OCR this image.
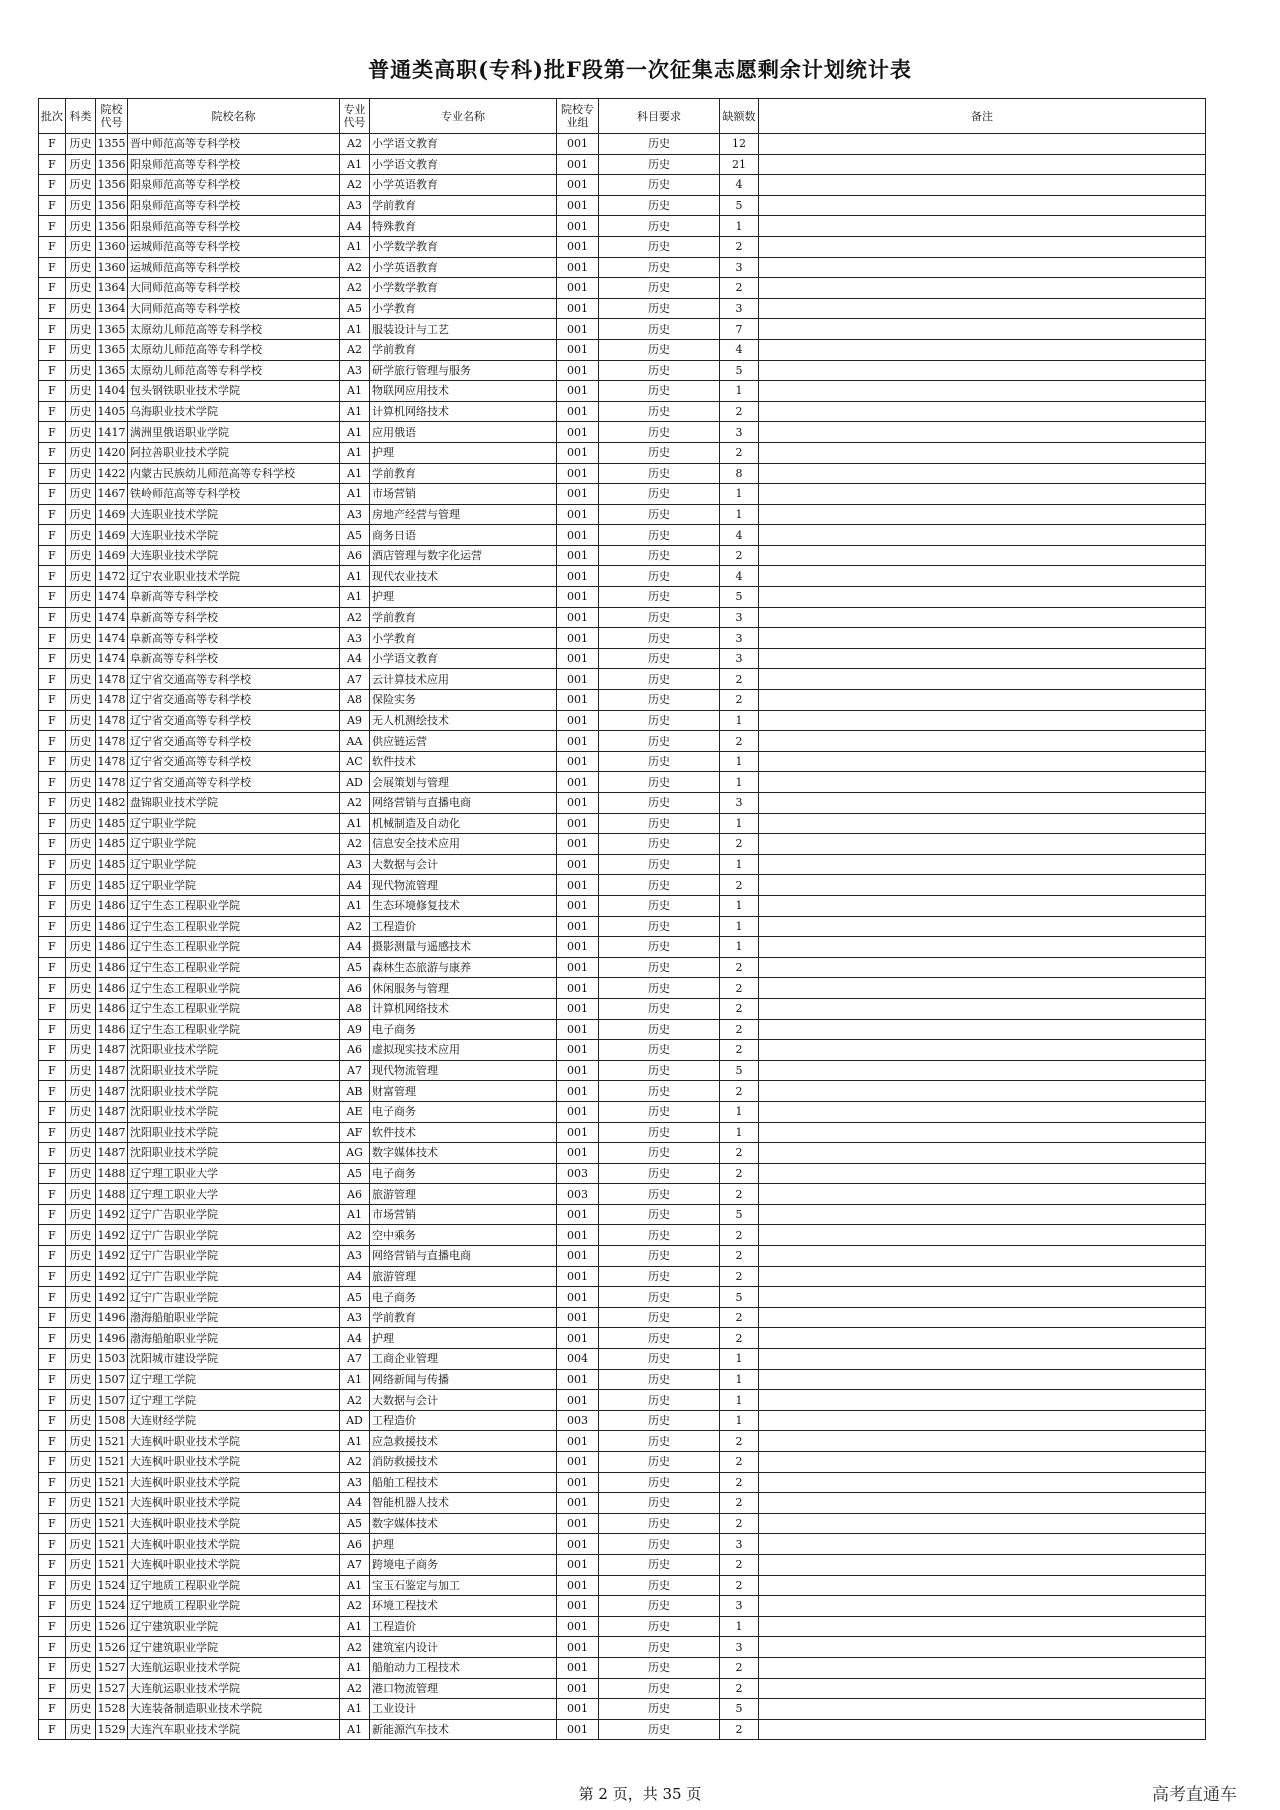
普通类高职(专科)批F段第一次征集志愿剩余计划统计表
批次	科类	院校代号	院校名称	专业代号	专业名称	院校专业组	科目要求	缺额数	备注
F	历史	1355	晋中师范高等专科学校	A2	小学语文教育	001	历史	12	
F	历史	1356	阳泉师范高等专科学校	A1	小学语文教育	001	历史	21	
F	历史	1356	阳泉师范高等专科学校	A2	小学英语教育	001	历史	4	
F	历史	1356	阳泉师范高等专科学校	A3	学前教育	001	历史	5	
F	历史	1356	阳泉师范高等专科学校	A4	特殊教育	001	历史	1	
F	历史	1360	运城师范高等专科学校	A1	小学数学教育	001	历史	2	
F	历史	1360	运城师范高等专科学校	A2	小学英语教育	001	历史	3	
F	历史	1364	大同师范高等专科学校	A2	小学数学教育	001	历史	2	
F	历史	1364	大同师范高等专科学校	A5	小学教育	001	历史	3	
F	历史	1365	太原幼儿师范高等专科学校	A1	服装设计与工艺	001	历史	7	
F	历史	1365	太原幼儿师范高等专科学校	A2	学前教育	001	历史	4	
F	历史	1365	太原幼儿师范高等专科学校	A3	研学旅行管理与服务	001	历史	5	
F	历史	1404	包头钢铁职业技术学院	A1	物联网应用技术	001	历史	1	
F	历史	1405	乌海职业技术学院	A1	计算机网络技术	001	历史	2	
F	历史	1417	满洲里俄语职业学院	A1	应用俄语	001	历史	3	
F	历史	1420	阿拉善职业技术学院	A1	护理	001	历史	2	
F	历史	1422	内蒙古民族幼儿师范高等专科学校	A1	学前教育	001	历史	8	
F	历史	1467	铁岭师范高等专科学校	A1	市场营销	001	历史	1	
F	历史	1469	大连职业技术学院	A3	房地产经营与管理	001	历史	1	
F	历史	1469	大连职业技术学院	A5	商务日语	001	历史	4	
F	历史	1469	大连职业技术学院	A6	酒店管理与数字化运营	001	历史	2	
F	历史	1472	辽宁农业职业技术学院	A1	现代农业技术	001	历史	4	
F	历史	1474	阜新高等专科学校	A1	护理	001	历史	5	
F	历史	1474	阜新高等专科学校	A2	学前教育	001	历史	3	
F	历史	1474	阜新高等专科学校	A3	小学教育	001	历史	3	
F	历史	1474	阜新高等专科学校	A4	小学语文教育	001	历史	3	
F	历史	1478	辽宁省交通高等专科学校	A7	云计算技术应用	001	历史	2	
F	历史	1478	辽宁省交通高等专科学校	A8	保险实务	001	历史	2	
F	历史	1478	辽宁省交通高等专科学校	A9	无人机测绘技术	001	历史	1	
F	历史	1478	辽宁省交通高等专科学校	AA	供应链运营	001	历史	2	
F	历史	1478	辽宁省交通高等专科学校	AC	软件技术	001	历史	1	
F	历史	1478	辽宁省交通高等专科学校	AD	会展策划与管理	001	历史	1	
F	历史	1482	盘锦职业技术学院	A2	网络营销与直播电商	001	历史	3	
F	历史	1485	辽宁职业学院	A1	机械制造及自动化	001	历史	1	
F	历史	1485	辽宁职业学院	A2	信息安全技术应用	001	历史	2	
F	历史	1485	辽宁职业学院	A3	大数据与会计	001	历史	1	
F	历史	1485	辽宁职业学院	A4	现代物流管理	001	历史	2	
F	历史	1486	辽宁生态工程职业学院	A1	生态环境修复技术	001	历史	1	
F	历史	1486	辽宁生态工程职业学院	A2	工程造价	001	历史	1	
F	历史	1486	辽宁生态工程职业学院	A4	摄影测量与遥感技术	001	历史	1	
F	历史	1486	辽宁生态工程职业学院	A5	森林生态旅游与康养	001	历史	2	
F	历史	1486	辽宁生态工程职业学院	A6	休闲服务与管理	001	历史	2	
F	历史	1486	辽宁生态工程职业学院	A8	计算机网络技术	001	历史	2	
F	历史	1486	辽宁生态工程职业学院	A9	电子商务	001	历史	2	
F	历史	1487	沈阳职业技术学院	A6	虚拟现实技术应用	001	历史	2	
F	历史	1487	沈阳职业技术学院	A7	现代物流管理	001	历史	5	
F	历史	1487	沈阳职业技术学院	AB	财富管理	001	历史	2	
F	历史	1487	沈阳职业技术学院	AE	电子商务	001	历史	1	
F	历史	1487	沈阳职业技术学院	AF	软件技术	001	历史	1	
F	历史	1487	沈阳职业技术学院	AG	数字媒体技术	001	历史	2	
F	历史	1488	辽宁理工职业大学	A5	电子商务	003	历史	2	
F	历史	1488	辽宁理工职业大学	A6	旅游管理	003	历史	2	
F	历史	1492	辽宁广告职业学院	A1	市场营销	001	历史	5	
F	历史	1492	辽宁广告职业学院	A2	空中乘务	001	历史	2	
F	历史	1492	辽宁广告职业学院	A3	网络营销与直播电商	001	历史	2	
F	历史	1492	辽宁广告职业学院	A4	旅游管理	001	历史	2	
F	历史	1492	辽宁广告职业学院	A5	电子商务	001	历史	5	
F	历史	1496	渤海船舶职业学院	A3	学前教育	001	历史	2	
F	历史	1496	渤海船舶职业学院	A4	护理	001	历史	2	
F	历史	1503	沈阳城市建设学院	A7	工商企业管理	004	历史	1	
F	历史	1507	辽宁理工学院	A1	网络新闻与传播	001	历史	1	
F	历史	1507	辽宁理工学院	A2	大数据与会计	001	历史	1	
F	历史	1508	大连财经学院	AD	工程造价	003	历史	1	
F	历史	1521	大连枫叶职业技术学院	A1	应急救援技术	001	历史	2	
F	历史	1521	大连枫叶职业技术学院	A2	消防救援技术	001	历史	2	
F	历史	1521	大连枫叶职业技术学院	A3	船舶工程技术	001	历史	2	
F	历史	1521	大连枫叶职业技术学院	A4	智能机器人技术	001	历史	2	
F	历史	1521	大连枫叶职业技术学院	A5	数字媒体技术	001	历史	2	
F	历史	1521	大连枫叶职业技术学院	A6	护理	001	历史	3	
F	历史	1521	大连枫叶职业技术学院	A7	跨境电子商务	001	历史	2	
F	历史	1524	辽宁地质工程职业学院	A1	宝玉石鉴定与加工	001	历史	2	
F	历史	1524	辽宁地质工程职业学院	A2	环境工程技术	001	历史	3	
F	历史	1526	辽宁建筑职业学院	A1	工程造价	001	历史	1	
F	历史	1526	辽宁建筑职业学院	A2	建筑室内设计	001	历史	3	
F	历史	1527	大连航运职业技术学院	A1	船舶动力工程技术	001	历史	2	
F	历史	1527	大连航运职业技术学院	A2	港口物流管理	001	历史	2	
F	历史	1528	大连装备制造职业技术学院	A1	工业设计	001	历史	5	
F	历史	1529	大连汽车职业技术学院	A1	新能源汽车技术	001	历史	2	
第 2 页，共 35 页	高考直通车
